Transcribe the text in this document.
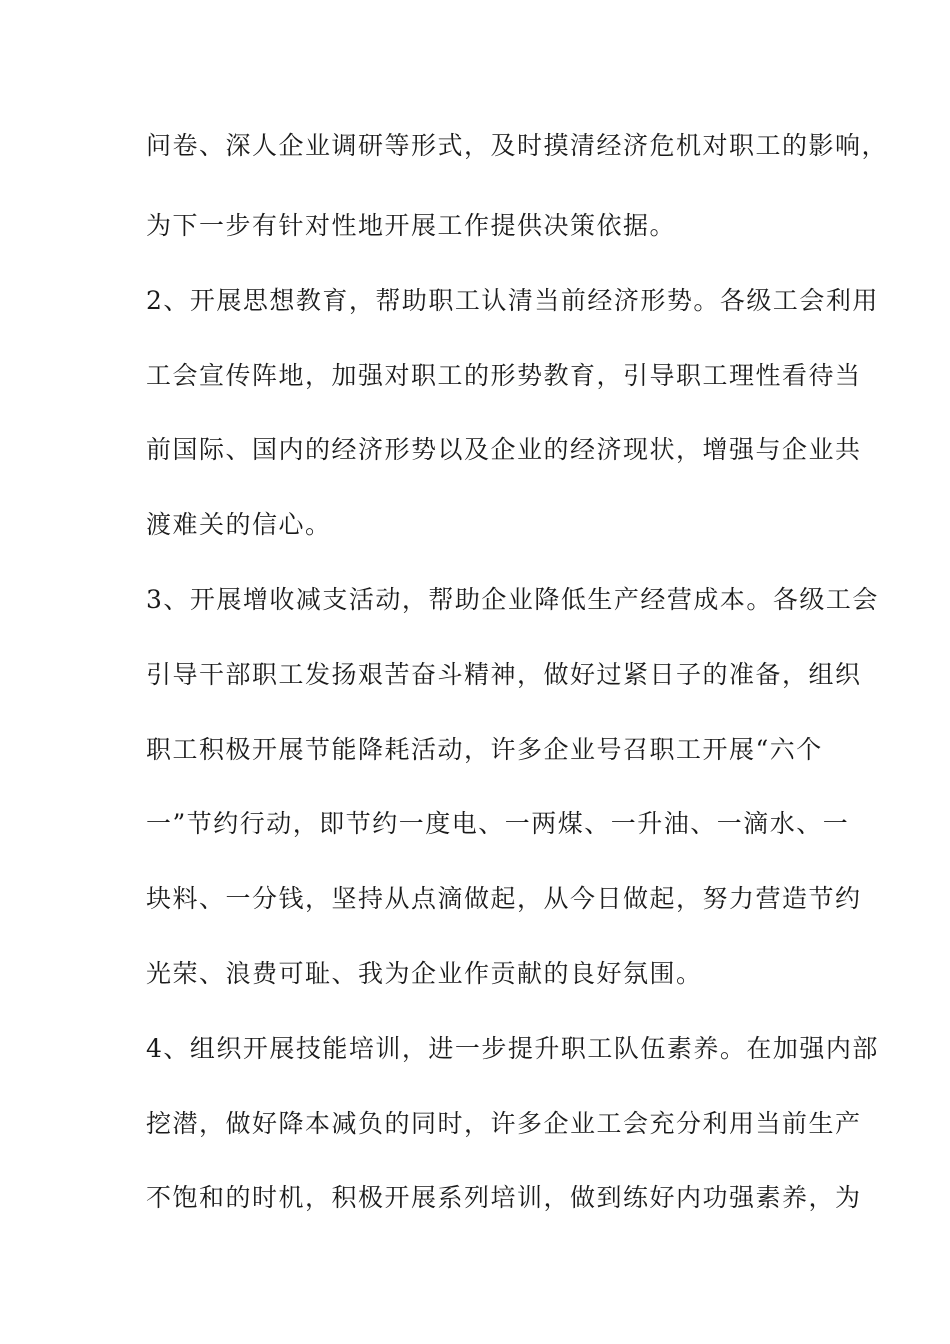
问卷、深人企业调研等形式，及时摸清经济危机对职工的影响，
为下一步有针对性地开展工作提供决策依据。
2、开展思想教育，帮助职工认清当前经济形势。各级工会利用
工会宣传阵地，加强对职工的形势教育，引导职工理性看待当
前国际、国内的经济形势以及企业的经济现状，增强与企业共
渡难关的信心。
3、开展增收减支活动，帮助企业降低生产经营成本。各级工会
引导干部职工发扬艰苦奋斗精神，做好过紧日子的准备，组织
职工积极开展节能降耗活动，许多企业号召职工开展“六个
一”节约行动，即节约一度电、一两煤、一升油、一滴水、一
块料、一分钱，坚持从点滴做起，从今日做起，努力营造节约
光荣、浪费可耻、我为企业作贡献的良好氛围。
4、组织开展技能培训，进一步提升职工队伍素养。在加强内部
挖潜，做好降本减负的同时，许多企业工会充分利用当前生产
不饱和的时机，积极开展系列培训，做到练好内功强素养，为
